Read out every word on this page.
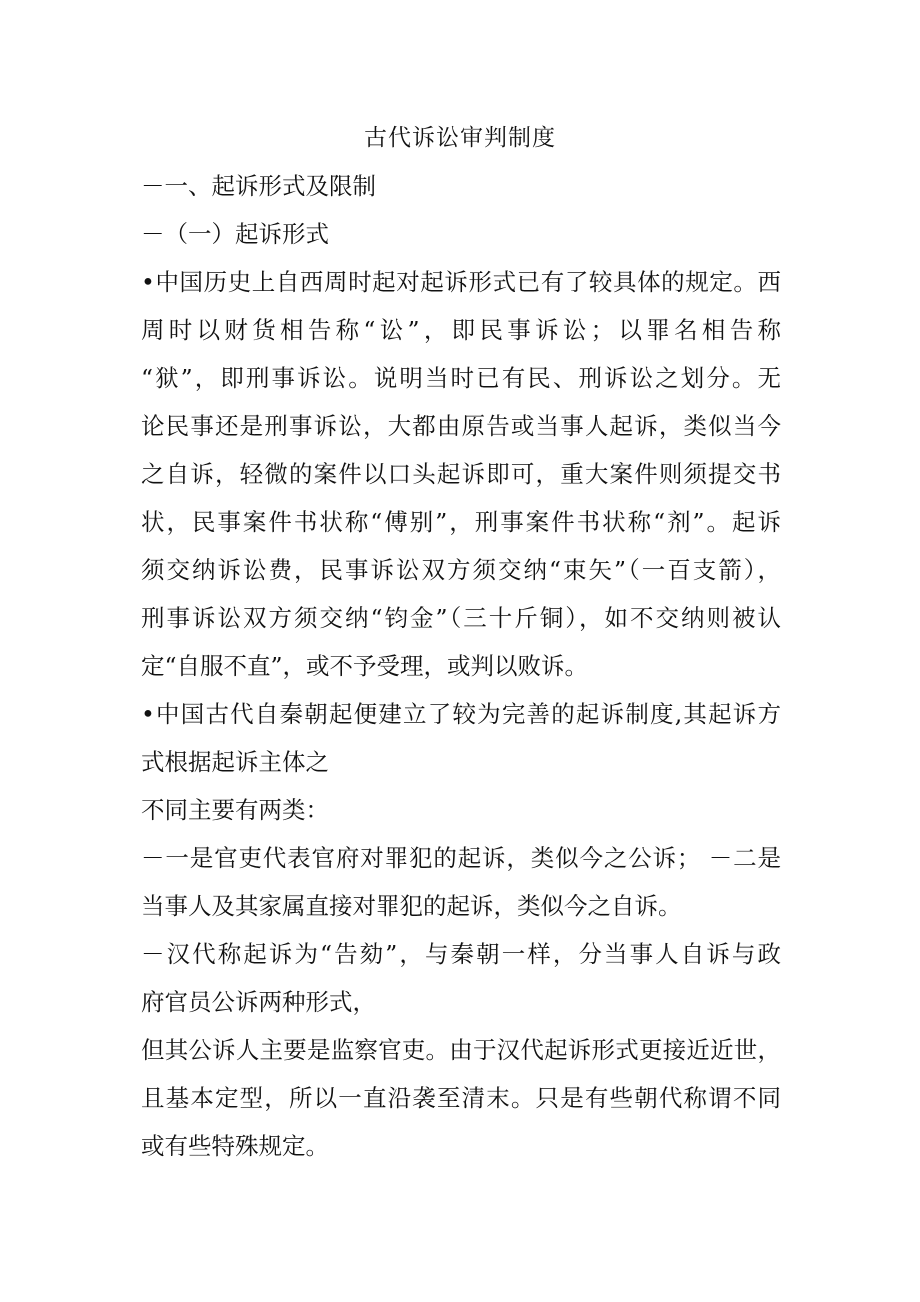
古代诉讼审判制度
－一、起诉形式及限制
－（一）起诉形式
•中国历史上自西周时起对起诉形式已有了较具体的规定。西
周时以财货相告称“讼”，即民事诉讼；以罪名相告称
“狱”，即刑事诉讼。说明当时已有民、刑诉讼之划分。无
论民事还是刑事诉讼，大都由原告或当事人起诉，类似当今
之自诉，轻微的案件以口头起诉即可，重大案件则须提交书
状，民事案件书状称“傅别”，刑事案件书状称“剂”。起诉
须交纳诉讼费，民事诉讼双方须交纳“束矢”（一百支箭），
刑事诉讼双方须交纳“钧金”（三十斤铜），如不交纳则被认
定“自服不直”，或不予受理，或判以败诉。
•中国古代自秦朝起便建立了较为完善的起诉制度,其起诉方
式根据起诉主体之
不同主要有两类：
－一是官吏代表官府对罪犯的起诉，类似今之公诉； －二是
当事人及其家属直接对罪犯的起诉，类似今之自诉。
－汉代称起诉为“告劾”，与秦朝一样，分当事人自诉与政
府官员公诉两种形式，
但其公诉人主要是监察官吏。由于汉代起诉形式更接近近世，
且基本定型，所以一直沿袭至清末。只是有些朝代称谓不同
或有些特殊规定。
